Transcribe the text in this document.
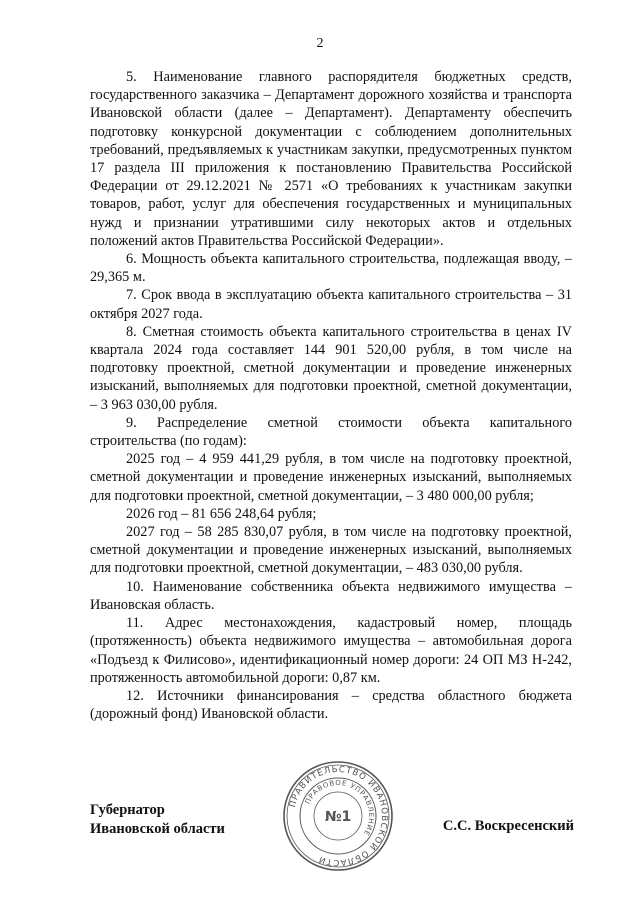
2

5. Наименование главного распорядителя бюджетных средств, государственного заказчика – Департамент дорожного хозяйства и транспорта Ивановской области (далее – Департамент). Департаменту обеспечить подготовку конкурсной документации с соблюдением дополнительных требований, предъявляемых к участникам закупки, предусмотренных пунктом 17 раздела III приложения к постановлению Правительства Российской Федерации от 29.12.2021 № 2571 «О требованиях к участникам закупки товаров, работ, услуг для обеспечения государственных и муниципальных нужд и признании утратившими силу некоторых актов и отдельных положений актов Правительства Российской Федерации».

6. Мощность объекта капитального строительства, подлежащая вводу, – 29,365 м.

7. Срок ввода в эксплуатацию объекта капитального строительства – 31 октября 2027 года.

8. Сметная стоимость объекта капитального строительства в ценах IV квартала 2024 года составляет 144 901 520,00 рубля, в том числе на подготовку проектной, сметной документации и проведение инженерных изысканий, выполняемых для подготовки проектной, сметной документации, – 3 963 030,00 рубля.

9. Распределение сметной стоимости объекта капитального строительства (по годам):

2025 год – 4 959 441,29 рубля, в том числе на подготовку проектной, сметной документации и проведение инженерных изысканий, выполняемых для подготовки проектной, сметной документации, – 3 480 000,00 рубля;

2026 год – 81 656 248,64 рубля;

2027 год – 58 285 830,07 рубля, в том числе на подготовку проектной, сметной документации и проведение инженерных изысканий, выполняемых для подготовки проектной, сметной документации, – 483 030,00 рубля.

10. Наименование собственника объекта недвижимого имущества – Ивановская область.

11. Адрес местонахождения, кадастровый номер, площадь (протяженность) объекта недвижимого имущества – автомобильная дорога «Подъезд к Филисово», идентификационный номер дороги: 24 ОП МЗ Н-242, протяженность автомобильной дороги: 0,87 км.

12. Источники финансирования – средства областного бюджета (дорожный фонд) Ивановской области.

Губернатор
Ивановской области
ПРАВИТЕЛЬСТВО ИВАНОВСКОЙ ОБЛАСТИ
ПРАВОВОЕ УПРАВЛЕНИЕ
№1
С.С. Воскресенский
